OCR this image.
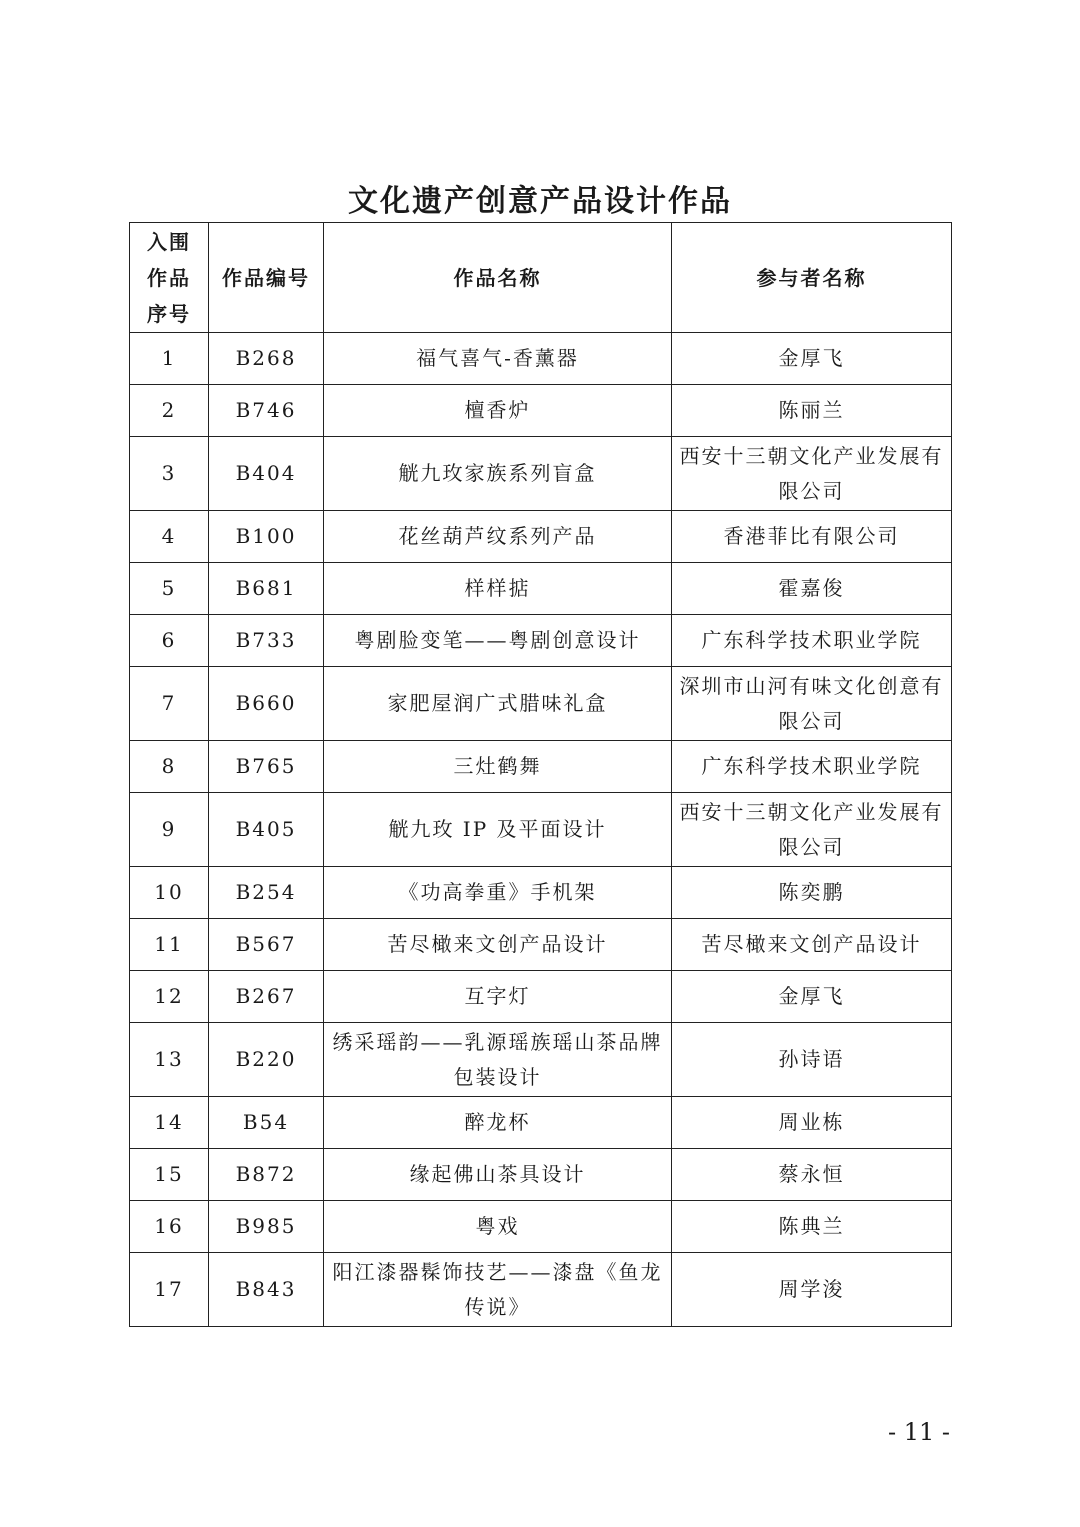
文化遗产创意产品设计作品
入围作品序号	作品编号	作品名称	参与者名称
1	B268	福气喜气-香薰器	金厚飞
2	B746	檀香炉	陈丽兰
3	B404	觥九玫家族系列盲盒	西安十三朝文化产业发展有限公司
4	B100	花丝葫芦纹系列产品	香港菲比有限公司
5	B681	样样掂	霍嘉俊
6	B733	粤剧脸变笔——粤剧创意设计	广东科学技术职业学院
7	B660	家肥屋润广式腊味礼盒	深圳市山河有味文化创意有限公司
8	B765	三灶鹤舞	广东科学技术职业学院
9	B405	觥九玫 IP 及平面设计	西安十三朝文化产业发展有限公司
10	B254	《功高拳重》手机架	陈奕鹏
11	B567	苦尽橄来文创产品设计	苦尽橄来文创产品设计
12	B267	互字灯	金厚飞
13	B220	绣采瑶韵——乳源瑶族瑶山茶品牌包装设计	孙诗语
14	B54	醉龙杯	周业栋
15	B872	缘起佛山茶具设计	蔡永恒
16	B985	粤戏	陈典兰
17	B843	阳江漆器髹饰技艺——漆盘《鱼龙传说》	周学浚
- 11 -
